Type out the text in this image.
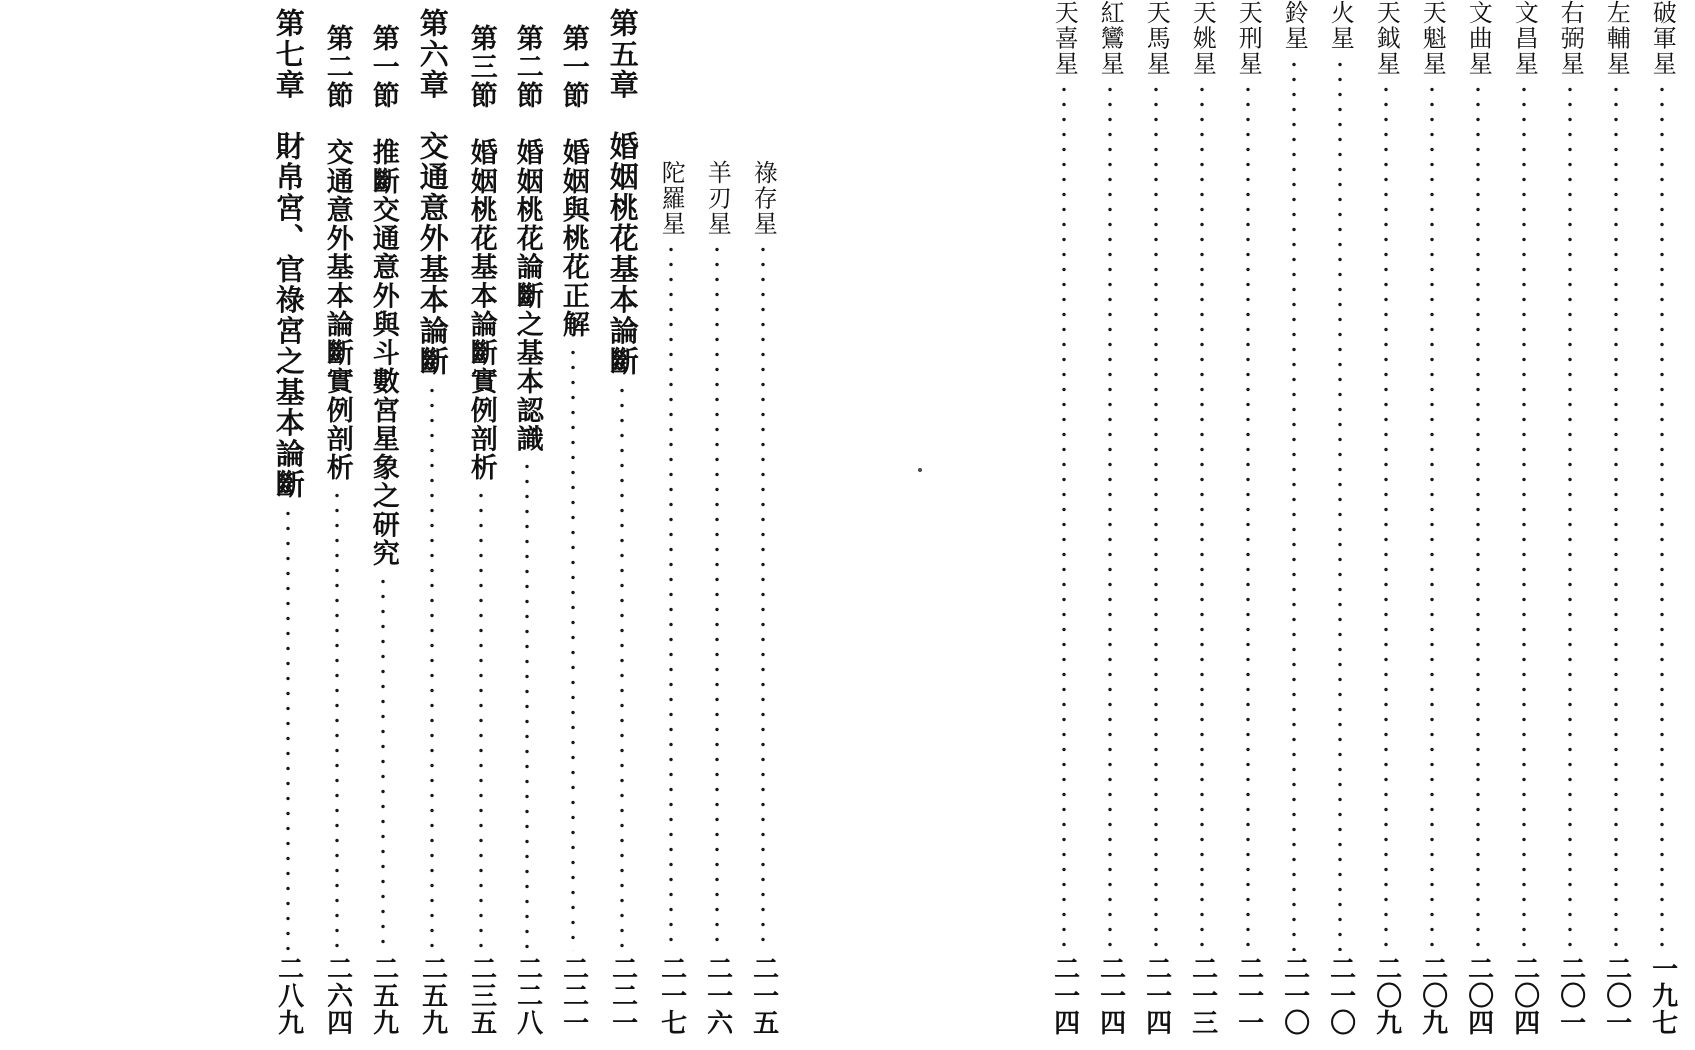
破軍星
一九七
左輔星
二〇一
右弼星
二〇一
文昌星
二〇四
文曲星
二〇四
天魁星
二〇九
天鉞星
二〇九
火星
二一〇
鈴星
二一〇
天刑星
二一一
天姚星
二一三
天馬星
二一四
紅鸞星
二一四
天喜星
二一四
祿存星
二一五
羊刃星
二一六
陀羅星
二一七
第五章　婚姻桃花基本論斷
二二一
第一節　婚姻與桃花正解
二二一
第二節　婚姻桃花論斷之基本認識
二二八
第三節　婚姻桃花基本論斷實例剖析
二三五
第六章　交通意外基本論斷
二五九
第一節　推斷交通意外與斗數宮星象之研究
二五九
第二節　交通意外基本論斷實例剖析
二六四
第七章　財帛宮、官祿宮之基本論斷
二八九
